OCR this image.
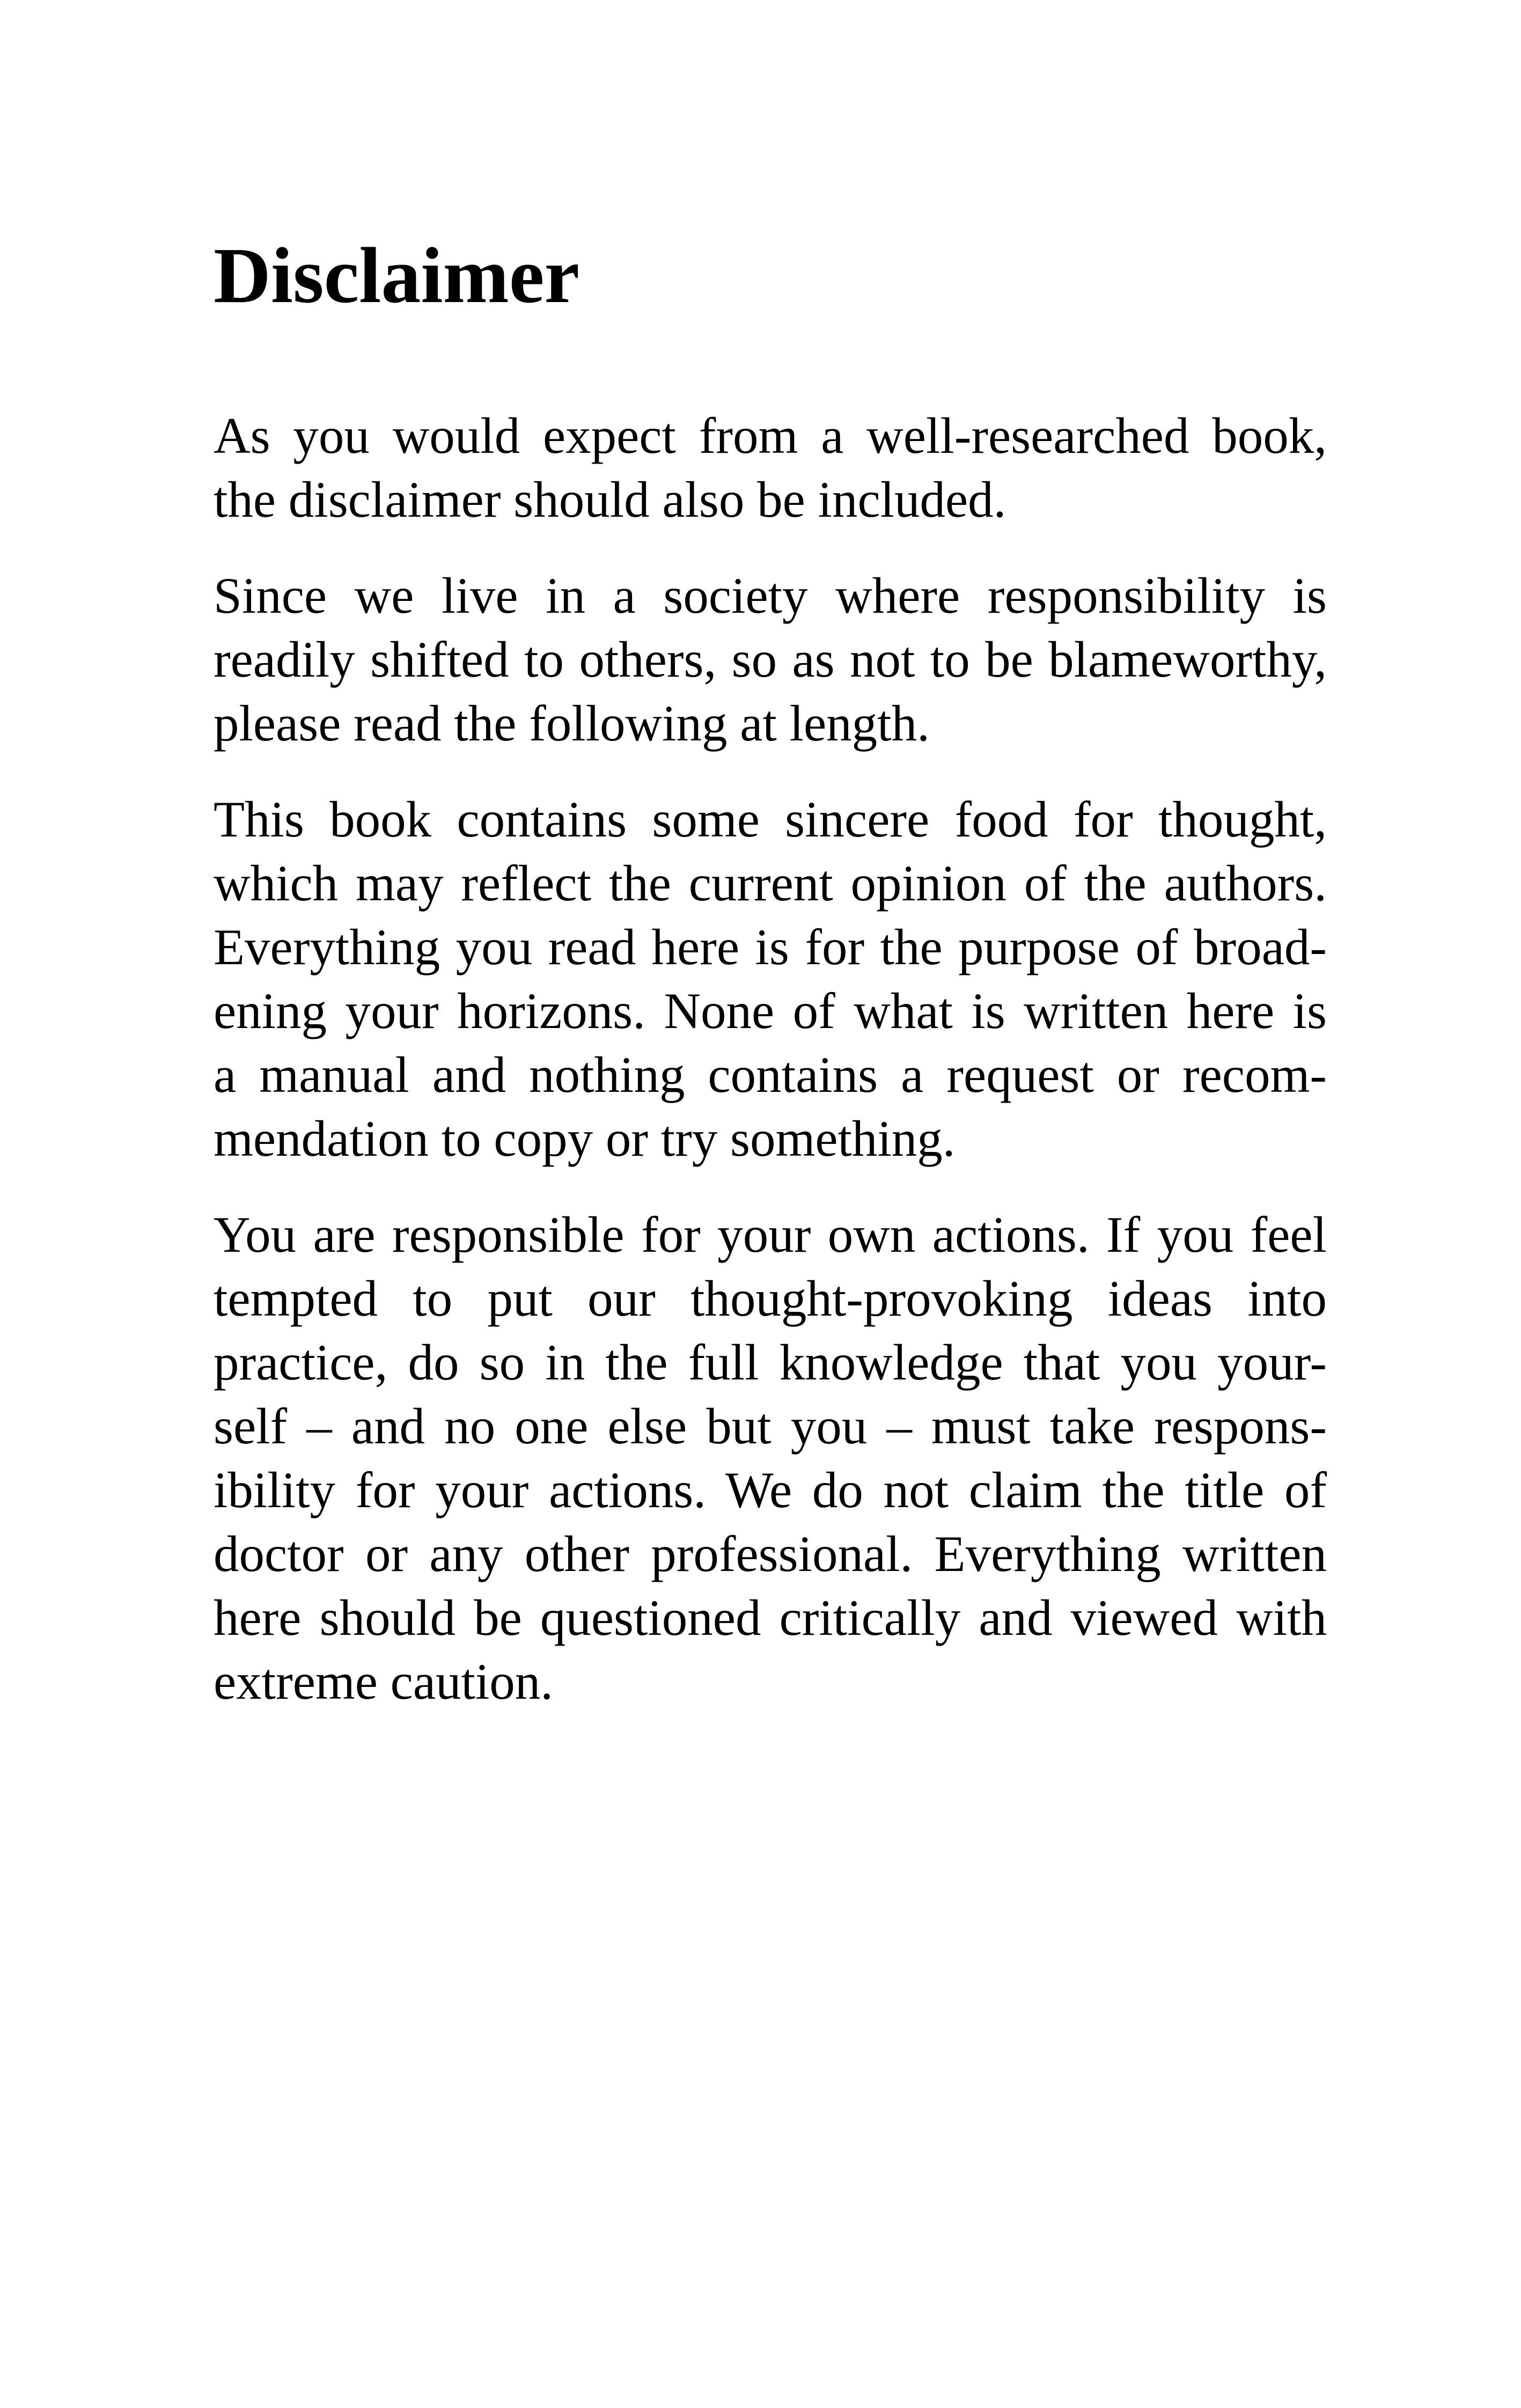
Disclaimer
As you would expect from a well-researched book,
the disclaimer should also be included.
Since we live in a society where responsibility is
readily shifted to others, so as not to be blameworthy,
please read the following at length.
This book contains some sincere food for thought,
which may reflect the current opinion of the authors.
Everything you read here is for the purpose of broad-
ening your horizons. None of what is written here is
a manual and nothing contains a request or recom-
mendation to copy or try something.
You are responsible for your own actions. If you feel
tempted to put our thought-provoking ideas into
practice, do so in the full knowledge that you your-
self – and no one else but you – must take respons-
ibility for your actions. We do not claim the title of
doctor or any other professional. Everything written
here should be questioned critically and viewed with
extreme caution.
